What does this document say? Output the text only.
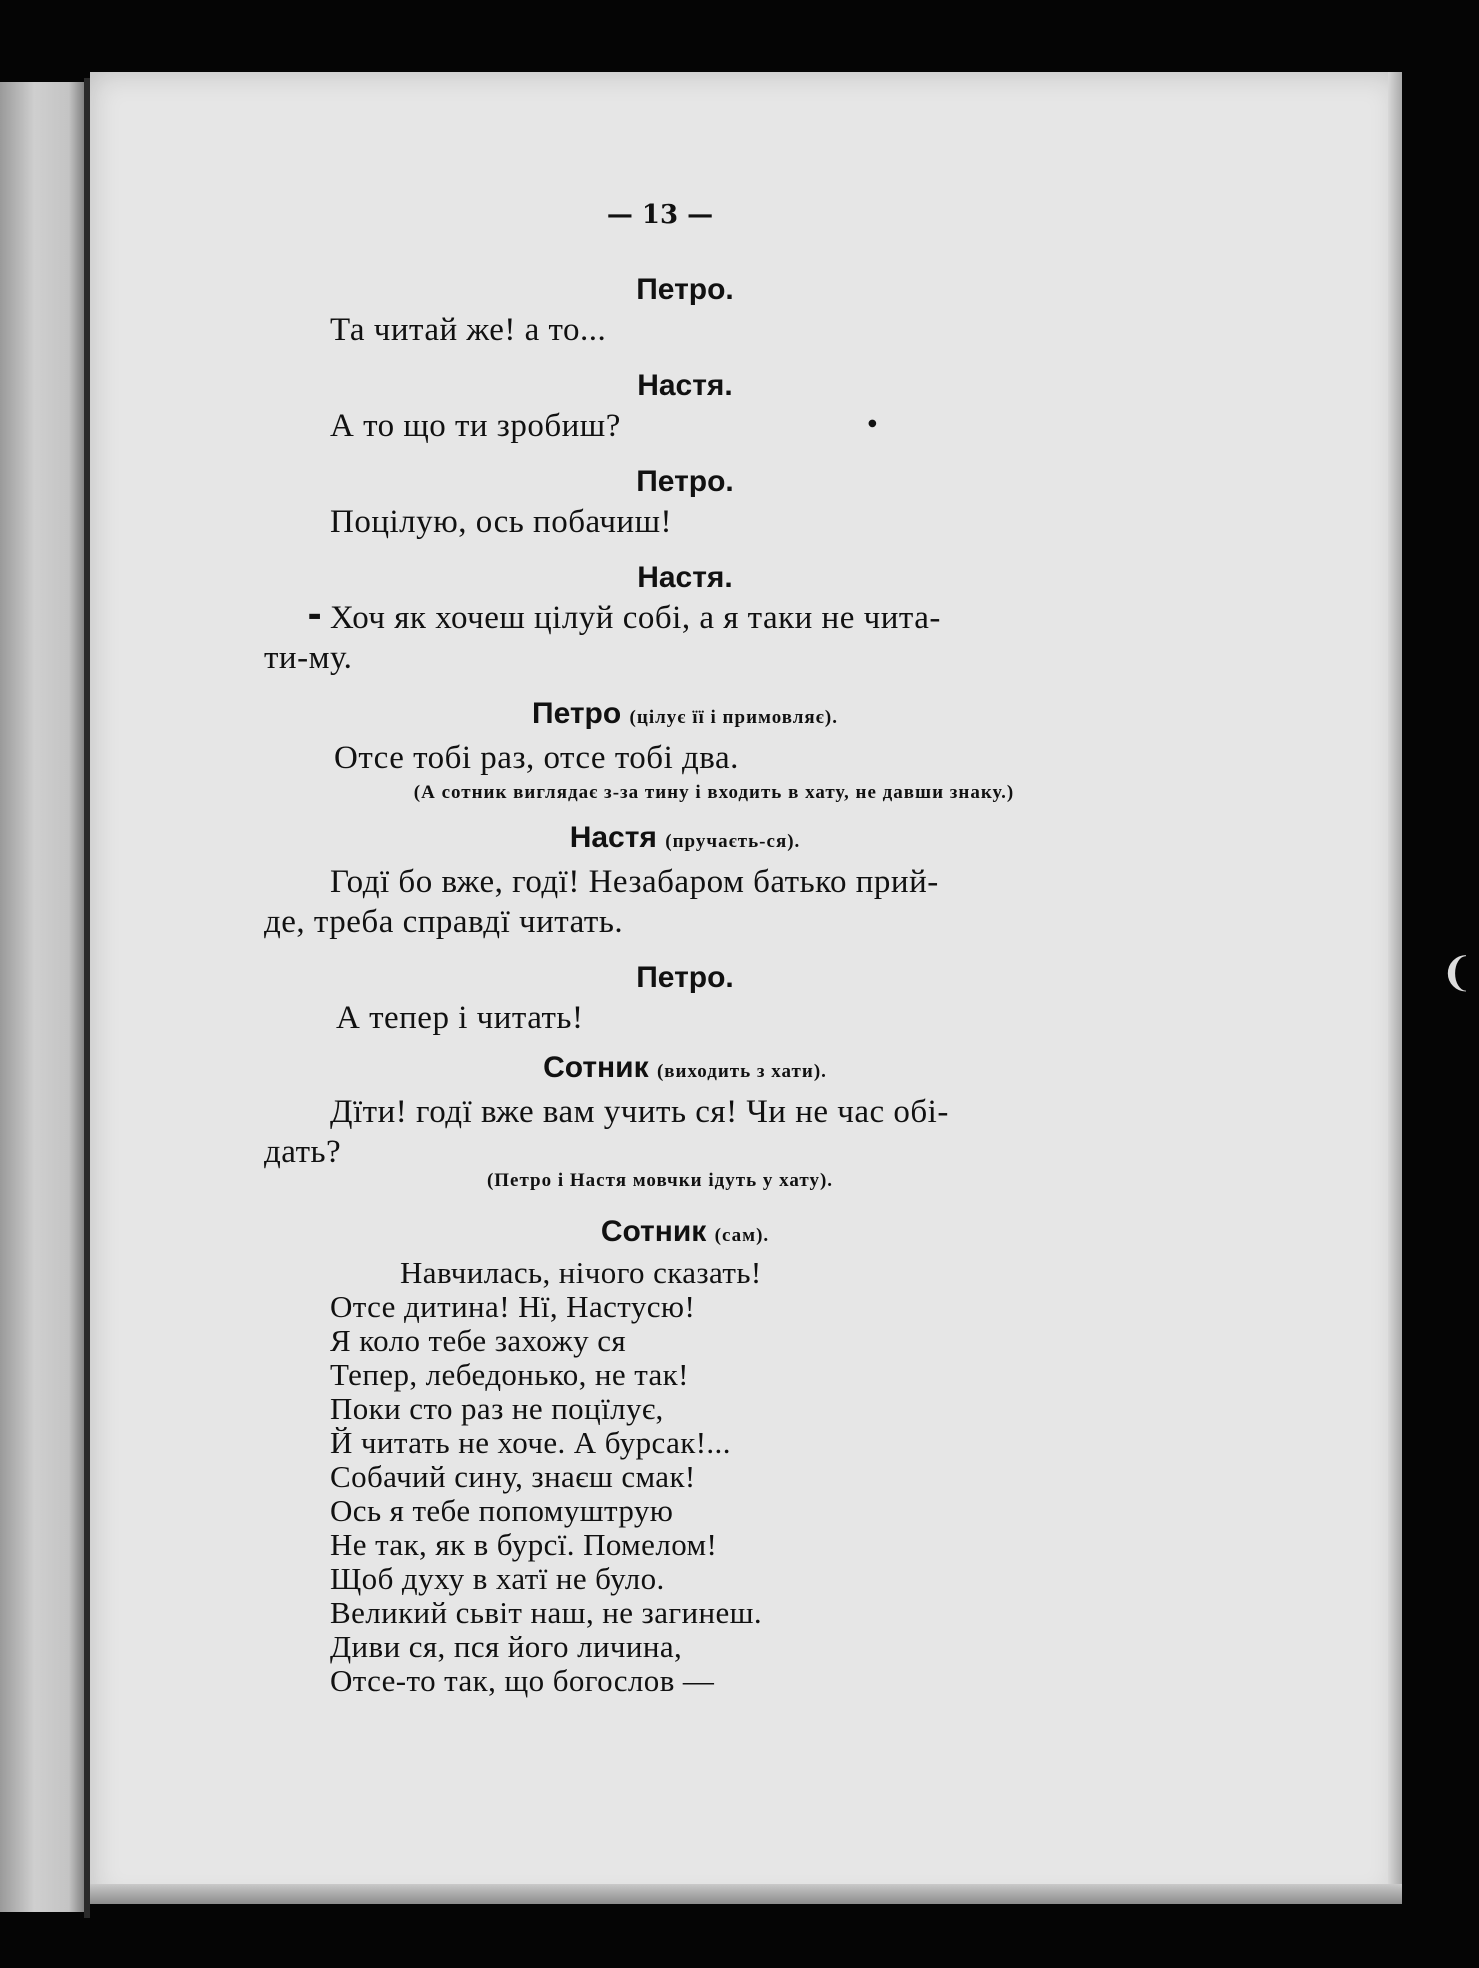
▬
●
❨
— 13 —
Петро.
Та читай же! а то...
Настя.
А то що ти зробиш?
Петро.
Поцілую, ось побачиш!
Настя.
Хоч як хочеш цілуй собі, а я таки не чита-
ти-му.
Петро (цілує її і примовляє).
Отсе тобі раз, отсе тобі два.
(А сотник виглядає з-за тину і входить в хату, не давши знаку.)
Настя (пручаєть-ся).
Годї бо вже, годї! Незабаром батько прий-
де, треба справдї читать.
Петро.
А тепер і читать!
Сотник (виходить з хати).
Дїти! годї вже вам учить ся! Чи не час обі-
дать?
(Петро і Настя мовчки ідуть у хату).
Сотник (сам).
Навчилась, нічого сказать!
Отсе дитина! Нї, Настусю!
Я коло тебе захожу ся
Тепер, лебедонько, не так!
Поки сто раз не поцїлує,
Й читать не хоче. А бурсак!...
Собачий сину, знаєш смак!
Ось я тебе попомуштрую
Не так, як в бурсї. Помелом!
Щоб духу в хатї не було.
Великий сьвіт наш, не загинеш.
Диви ся, пся його личина,
Отсе-то так, що богослов —
